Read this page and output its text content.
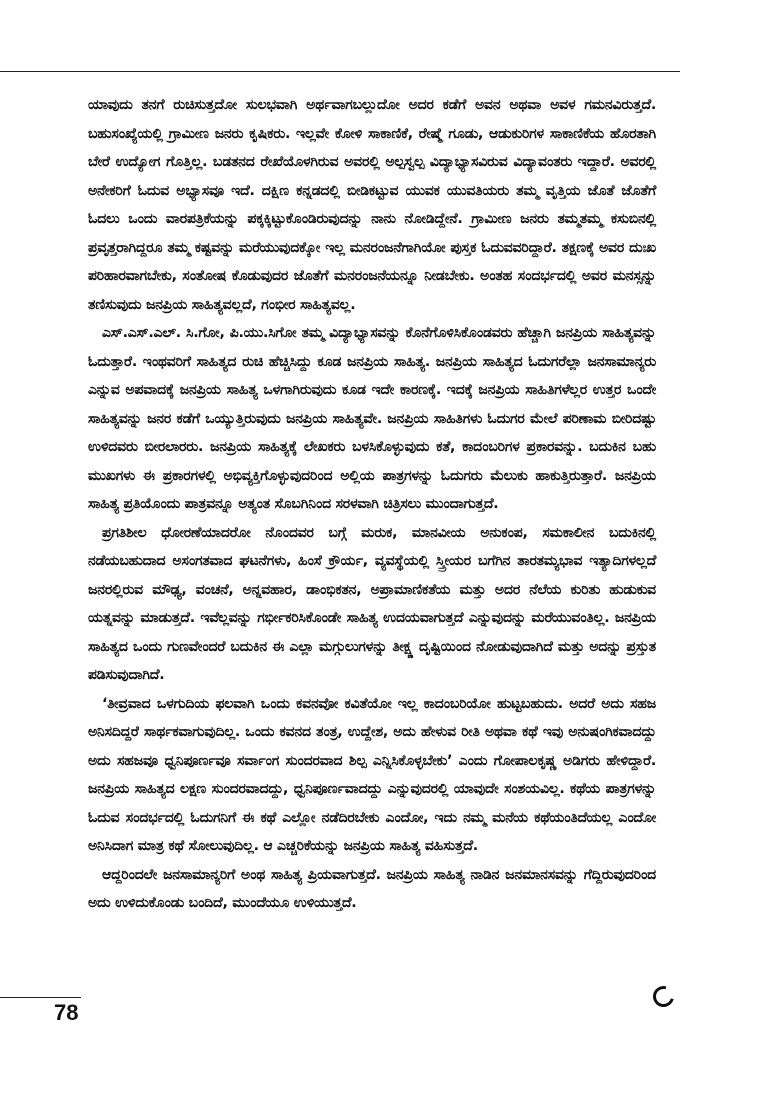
ಯಾವುದು ತನಗೆ ರುಚಿಸುತ್ತದೋ ಸುಲಭವಾಗಿ ಅರ್ಥವಾಗಬಲ್ಲುದೋ ಅದರ ಕಡೆಗೆ ಅವನ ಅಥವಾ ಅವಳ ಗಮನವಿರುತ್ತದೆ. ಬಹುಸಂಖ್ಯೆಯಲ್ಲಿ ಗ್ರಾಮೀಣ ಜನರು ಕೃಷಿಕರು. ಇಲ್ಲವೇ ಕೋಳಿ ಸಾಕಾಣಿಕೆ, ರೇಷ್ಮೆ ಗೂಡು, ಆಡುಕುರಿಗಳ ಸಾಕಾಣಿಕೆಯ ಹೊರತಾಗಿ ಬೇರೆ ಉದ್ಯೋಗ ಗೊತ್ತಿಲ್ಲ. ಬಡತನದ ರೇಖೆಯೊಳಗಿರುವ ಅವರಲ್ಲಿ ಅಲ್ಪಸ್ವಲ್ಪ ವಿದ್ಯಾಭ್ಯಾಸವಿರುವ ವಿದ್ಯಾವಂತರು ಇದ್ದಾರೆ. ಅವರಲ್ಲಿ ಅನೇಕರಿಗೆ ಓದುವ ಅಭ್ಯಾಸವೂ ಇದೆ. ದಕ್ಷಿಣ ಕನ್ನಡದಲ್ಲಿ ಬೀಡಿಕಟ್ಟುವ ಯುವಕ ಯುವತಿಯರು ತಮ್ಮ ವೃತ್ತಿಯ ಜೊತೆ ಜೊತೆಗೆ ಓದಲು ಒಂದು ವಾರಪತ್ರಿಕೆಯನ್ನು ಪಕ್ಕಕ್ಕಿಟ್ಟುಕೊಂಡಿರುವುದನ್ನು ನಾನು ನೋಡಿದ್ದೇನೆ. ಗ್ರಾಮೀಣ ಜನರು ತಮ್ಮತಮ್ಮ ಕಸುಬಿನಲ್ಲಿ ಪ್ರವೃತ್ತರಾಗಿದ್ದರೂ ತಮ್ಮ ಕಷ್ಟವನ್ನು ಮರೆಯುವುದಕ್ಕೋ ಇಲ್ಲ ಮನರಂಜನೆಗಾಗಿಯೋ ಪುಸ್ತಕ ಓದುವವರಿದ್ದಾರೆ. ತಕ್ಷಣಕ್ಕೆ ಅವರ ದುಃಖ ಪರಿಹಾರವಾಗಬೇಕು, ಸಂತೋಷ ಕೊಡುವುದರ ಜೊತೆಗೆ ಮನರಂಜನೆಯನ್ನೂ ನೀಡಬೇಕು. ಅಂತಹ ಸಂದರ್ಭದಲ್ಲಿ ಅವರ ಮನಸ್ಸನ್ನು ತಣಿಸುವುದು ಜನಪ್ರಿಯ ಸಾಹಿತ್ಯವಲ್ಲದೆ, ಗಂಭೀರ ಸಾಹಿತ್ಯವಲ್ಲ.

ಎಸ್.ಎಸ್.ಎಲ್. ಸಿ.ಗೋ, ಪಿ.ಯು.ಸಿಗೋ ತಮ್ಮ ವಿದ್ಯಾಭ್ಯಾಸವನ್ನು ಕೊನೆಗೊಳಿಸಿಕೊಂಡವರು ಹೆಚ್ಚಾಗಿ ಜನಪ್ರಿಯ ಸಾಹಿತ್ಯವನ್ನು ಓದುತ್ತಾರೆ. ಇಂಥವರಿಗೆ ಸಾಹಿತ್ಯದ ರುಚಿ ಹೆಚ್ಚಿಸಿದ್ದು ಕೂಡ ಜನಪ್ರಿಯ ಸಾಹಿತ್ಯ. ಜನಪ್ರಿಯ ಸಾಹಿತ್ಯದ ಓದುಗರೆಲ್ಲಾ ಜನಸಾಮಾನ್ಯರು ಎನ್ನುವ ಅಪವಾದಕ್ಕೆ ಜನಪ್ರಿಯ ಸಾಹಿತ್ಯ ಒಳಗಾಗಿರುವುದು ಕೂಡ ಇದೇ ಕಾರಣಕ್ಕೆ. ಇದಕ್ಕೆ ಜನಪ್ರಿಯ ಸಾಹಿತಿಗಳೆಲ್ಲರ ಉತ್ತರ ಒಂದೇ ಸಾಹಿತ್ಯವನ್ನು ಜನರ ಕಡೆಗೆ ಒಯ್ಯುತ್ತಿರುವುದು ಜನಪ್ರಿಯ ಸಾಹಿತ್ಯವೇ. ಜನಪ್ರಿಯ ಸಾಹಿತಿಗಳು ಓದುಗರ ಮೇಲೆ ಪರಿಣಾಮ ಬೀರಿದಷ್ಟು ಉಳಿದವರು ಬೀರಲಾರರು. ಜನಪ್ರಿಯ ಸಾಹಿತ್ಯಕ್ಕೆ ಲೇಖಕರು ಬಳಸಿಕೊಳ್ಳುವುದು ಕತೆ, ಕಾದಂಬರಿಗಳ ಪ್ರಕಾರವನ್ನು. ಬದುಕಿನ ಬಹು ಮುಖಗಳು ಈ ಪ್ರಕಾರಗಳಲ್ಲಿ ಅಭಿವ್ಯಕ್ತಿಗೊಳ್ಳುವುದರಿಂದ ಅಲ್ಲಿಯ ಪಾತ್ರಗಳನ್ನು ಓದುಗರು ಮೆಲುಕು ಹಾಕುತ್ತಿರುತ್ತಾರೆ. ಜನಪ್ರಿಯ ಸಾಹಿತ್ಯ ಪ್ರತಿಯೊಂದು ಪಾತ್ರವನ್ನೂ ಅತ್ಯಂತ ಸೊಬಗಿನಿಂದ ಸರಳವಾಗಿ ಚಿತ್ರಿಸಲು ಮುಂದಾಗುತ್ತದೆ.

ಪ್ರಗತಿಶೀಲ ಧೋರಣೆಯಾದರೋ ನೊಂದವರ ಬಗ್ಗೆ ಮರುಕ, ಮಾನವೀಯ ಅನುಕಂಪ, ಸಮಕಾಲೀನ ಬದುಕಿನಲ್ಲಿ ನಡೆಯಬಹುದಾದ ಅಸಂಗತವಾದ ಘಟನೆಗಳು, ಹಿಂಸೆ ಕ್ರೌರ್ಯ, ವ್ಯವಸ್ಥೆಯಲ್ಲಿ ಸ್ತ್ರೀಯರ ಬಗೆಗಿನ ತಾರತಮ್ಯಭಾವ ಇತ್ಯಾದಿಗಳಲ್ಲದೆ ಜನರಲ್ಲಿರುವ ಮೌಢ್ಯ, ವಂಚನೆ, ಅನ್ನವಹಾರ, ಡಾಂಭಿಕತನ, ಅಪ್ರಾಮಾಣಿಕತೆಯ ಮತ್ತು ಅದರ ನೆಲೆಯ ಕುರಿತು ಹುಡುಕುವ ಯತ್ನವನ್ನು ಮಾಡುತ್ತದೆ. ಇವೆಲ್ಲವನ್ನು ಗರ್ಭೀಕರಿಸಿಕೊಂಡೇ ಸಾಹಿತ್ಯ ಉದಯವಾಗುತ್ತದೆ ಎನ್ನುವುದನ್ನು ಮರೆಯುವಂತಿಲ್ಲ. ಜನಪ್ರಿಯ ಸಾಹಿತ್ಯದ ಒಂದು ಗುಣವೇಂದರೆ ಬದುಕಿನ ಈ ಎಲ್ಲಾ ಮಗ್ಗುಲುಗಳನ್ನು ತೀಕ್ಷ್ಣ ದೃಷ್ಟಿಯಿಂದ ನೋಡುವುದಾಗಿದೆ ಮತ್ತು ಅದನ್ನು ಪ್ರಸ್ತುತ ಪಡಿಸುವುದಾಗಿದೆ.

‘ತೀವ್ರವಾದ ಒಳಗುದಿಯ ಫಲವಾಗಿ ಒಂದು ಕವನವೋ ಕವಿತೆಯೋ ಇಲ್ಲ ಕಾದಂಬರಿಯೋ ಹುಟ್ಟಬಹುದು. ಅದರೆ ಅದು ಸಹಜ ಅನಿಸದಿದ್ದರೆ ಸಾರ್ಥಕವಾಗುವುದಿಲ್ಲ. ಒಂದು ಕವನದ ತಂತ್ರ, ಉದ್ದೇಶ, ಅದು ಹೇಳುವ ರೀತಿ ಅಥವಾ ಕಥೆ ಇವು ಅನುಷಂಗಿಕವಾದದ್ದು ಅದು ಸಹಜವೂ ಧ್ವನಿಪೂರ್ಣವೂ ಸರ್ವಾಂಗ ಸುಂದರವಾದ ಶಿಲ್ಪ ಎನ್ನಿಸಿಕೊಳ್ಳಬೇಕು’ ಎಂದು ಗೋಪಾಲಕೃಷ್ಣ ಅಡಿಗರು ಹೇಳಿದ್ದಾರೆ. ಜನಪ್ರಿಯ ಸಾಹಿತ್ಯದ ಲಕ್ಷಣ ಸುಂದರವಾದದ್ದು, ಧ್ವನಿಪೂರ್ಣವಾದದ್ದು ಎನ್ನುವುದರಲ್ಲಿ ಯಾವುದೇ ಸಂಶಯವಿಲ್ಲ. ಕಥೆಯ ಪಾತ್ರಗಳನ್ನು ಓದುವ ಸಂದರ್ಭದಲ್ಲಿ ಓದುಗನಿಗೆ ಈ ಕಥೆ ಎಲ್ಲೋ ನಡೆದಿರಬೇಕು ಎಂದೋ, ಇದು ನಮ್ಮ ಮನೆಯ ಕಥೆಯಂತಿದೆಯಲ್ಲ ಎಂದೋ ಅನಿಸಿದಾಗ ಮಾತ್ರ ಕಥೆ ಸೋಲುವುದಿಲ್ಲ. ಆ ಎಚ್ಚರಿಕೆಯನ್ನು ಜನಪ್ರಿಯ ಸಾಹಿತ್ಯ ವಹಿಸುತ್ತದೆ.

ಆದ್ದರಿಂದಲೇ ಜನಸಾಮಾನ್ಯರಿಗೆ ಅಂಥ ಸಾಹಿತ್ಯ ಪ್ರಿಯವಾಗುತ್ತದೆ. ಜನಪ್ರಿಯ ಸಾಹಿತ್ಯ ನಾಡಿನ ಜನಮಾನಸವನ್ನು ಗೆದ್ದಿರುವುದರಿಂದ ಅದು ಉಳಿದುಕೊಂಡು ಬಂದಿದೆ, ಮುಂದೆಯೂ ಉಳಿಯುತ್ತದೆ.

78
